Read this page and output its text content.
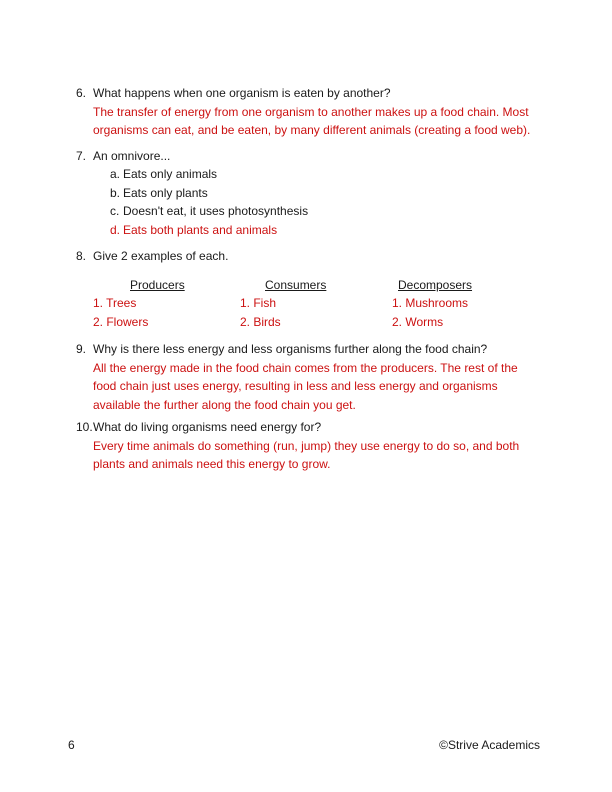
6. What happens when one organism is eaten by another?
The transfer of energy from one organism to another makes up a food chain. Most organisms can eat, and be eaten, by many different animals (creating a food web).
7. An omnivore...
a. Eats only animals
b. Eats only plants
c. Doesn't eat, it uses photosynthesis
d. Eats both plants and animals
8. Give 2 examples of each.
Producers
1. Trees
2. Flowers
Consumers
1. Fish
2. Birds
Decomposers
1. Mushrooms
2. Worms
9. Why is there less energy and less organisms further along the food chain?
All the energy made in the food chain comes from the producers. The rest of the food chain just uses energy, resulting in less and less energy and organisms available the further along the food chain you get.
10. What do living organisms need energy for?
Every time animals do something (run, jump) they use energy to do so, and both plants and animals need this energy to grow.
6	©Strive Academics
